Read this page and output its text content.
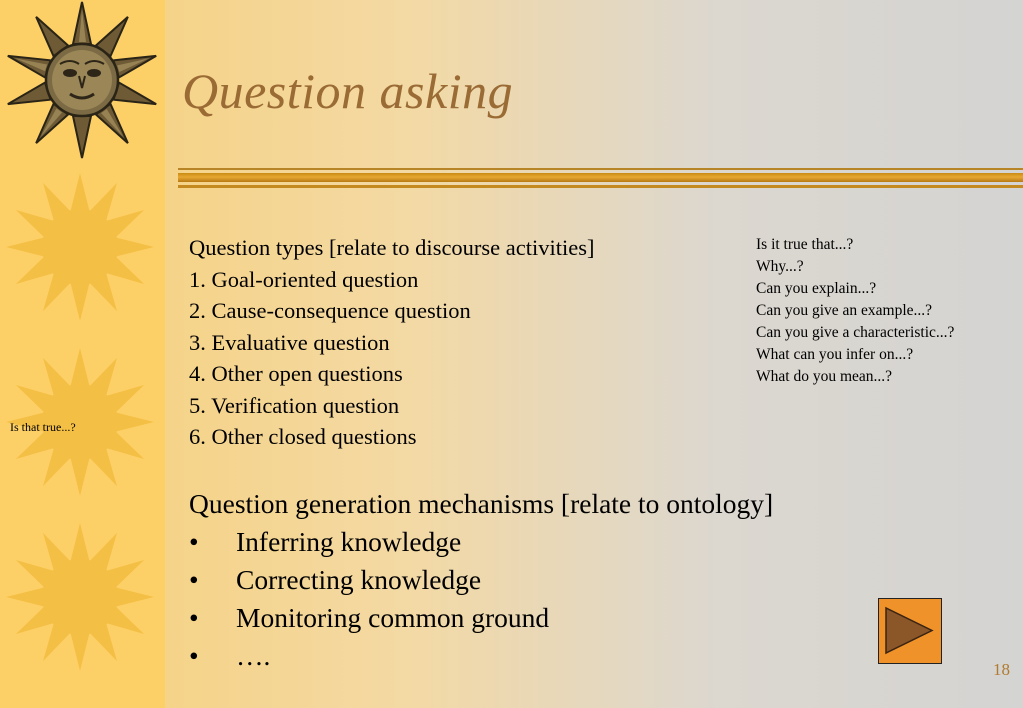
Question asking
Question types [relate to discourse activities]
1. Goal-oriented question
2. Cause-consequence question
3. Evaluative question
4. Other open questions
5. Verification question
6. Other closed questions
Is it true that...?
Why...?
Can you explain...?
Can you give an example...?
Can you give a characteristic...?
What can you infer on...?
What do you mean...?
Question generation mechanisms [relate to ontology]
• Inferring knowledge
• Correcting knowledge
• Monitoring common ground
• ….
Is that true...?
18
